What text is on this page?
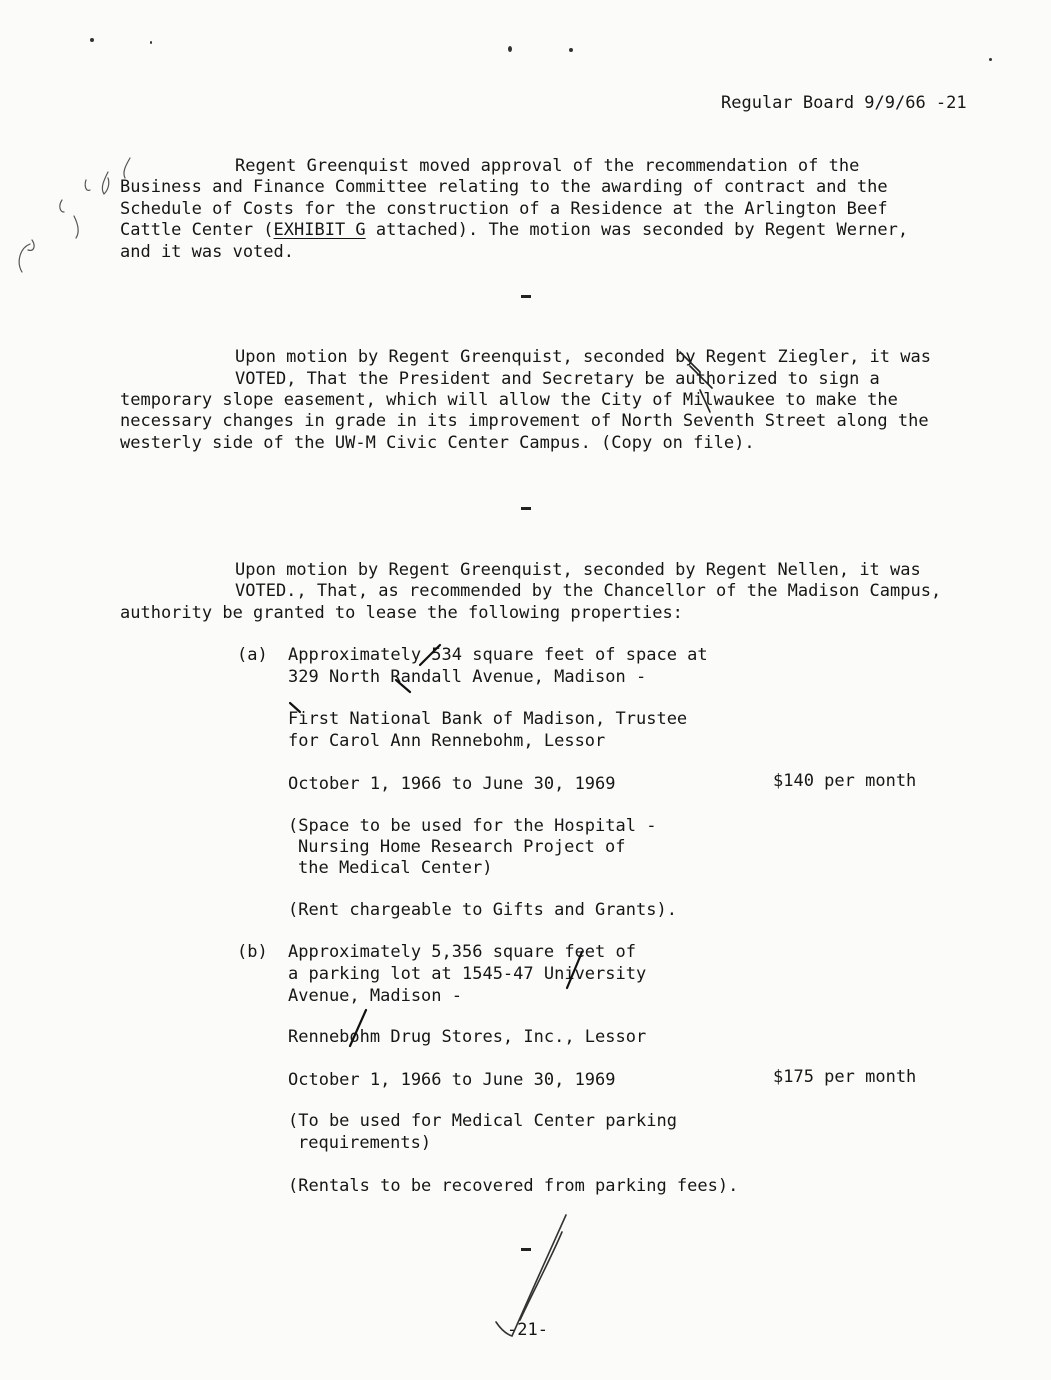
Regular Board 9/9/66 -21
Regent Greenquist moved approval of the recommendation of the
Business and Finance Committee relating to the awarding of contract and the
Schedule of Costs for the construction of a Residence at the Arlington Beef
Cattle Center (EXHIBIT G attached). The motion was seconded by Regent Werner,
and it was voted.
Upon motion by Regent Greenquist, seconded by Regent Ziegler, it was
VOTED, That the President and Secretary be authorized to sign a
temporary slope easement, which will allow the City of Milwaukee to make the
necessary changes in grade in its improvement of North Seventh Street along the
westerly side of the UW-M Civic Center Campus. (Copy on file).
Upon motion by Regent Greenquist, seconded by Regent Nellen, it was
VOTED., That, as recommended by the Chancellor of the Madison Campus,
authority be granted to lease the following properties:
(a) Approximately 534 square feet of space at
329 North Randall Avenue, Madison -
First National Bank of Madison, Trustee
for Carol Ann Rennebohm, Lessor
October 1, 1966 to June 30, 1969	$140 per month
(Space to be used for the Hospital -
Nursing Home Research Project of
the Medical Center)
(Rent chargeable to Gifts and Grants).
(b) Approximately 5,356 square feet of
a parking lot at 1545-47 University
Avenue, Madison -
Rennebohm Drug Stores, Inc., Lessor
October 1, 1966 to June 30, 1969	$175 per month
(To be used for Medical Center parking
requirements)
(Rentals to be recovered from parking fees).
-21-
